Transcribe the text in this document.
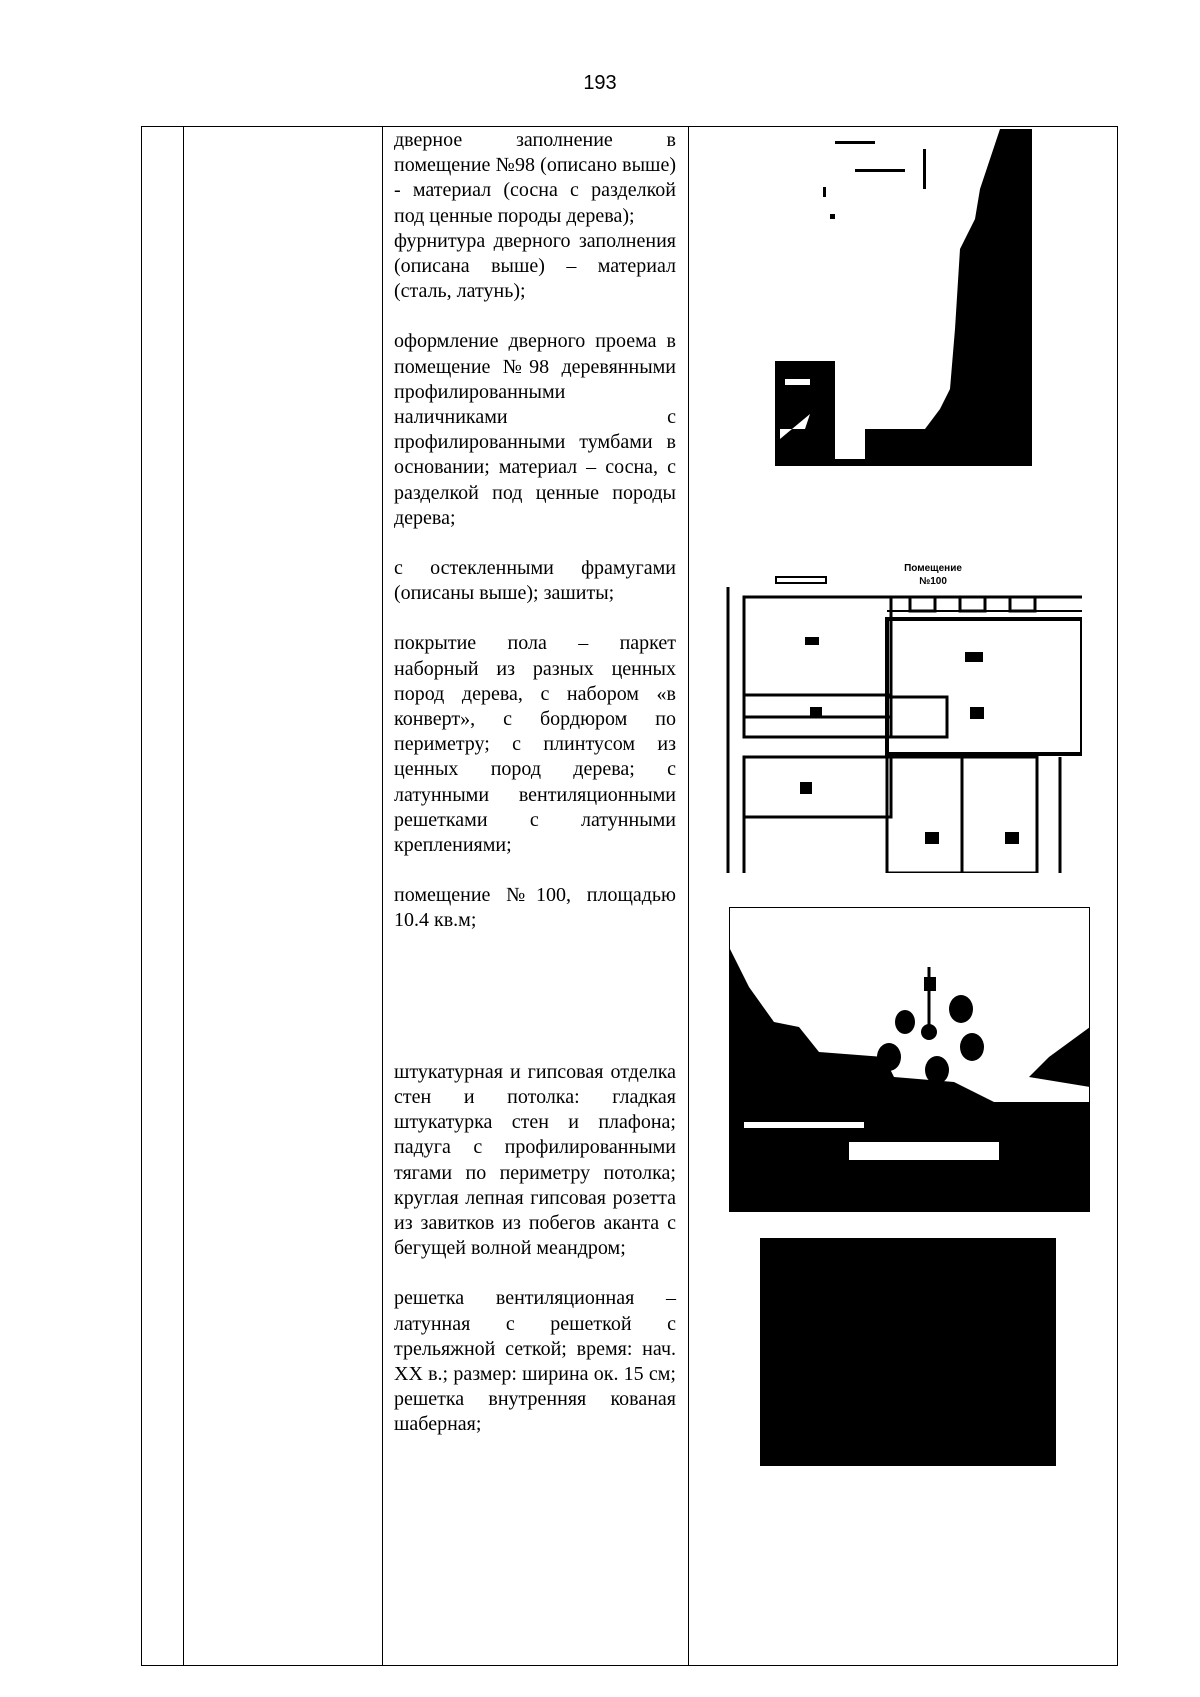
193

дверное заполнение в помещение №98 (описано выше) - материал (сосна с разделкой под ценные породы дерева);
фурнитура дверного заполнения (описана выше) – материал (сталь, латунь);

оформление дверного проема в помещение №98 деревянными профилированными наличниками с профилированными тумбами в основании; материал – сосна, с разделкой под ценные породы дерева;

с остекленными фрамугами (описаны выше); зашиты;

покрытие пола – паркет наборный из разных ценных пород дерева, с набором «в конверт», с бордюром по периметру; с плинтусом из ценных пород дерева; с латунными вентиляционными решетками с латунными креплениями;

помещение №100, площадью 10.4 кв.м;

штукатурная и гипсовая отделка стен и потолка: гладкая штукатурка стен и плафона; падуга с профилированными тягами по периметру потолка; круглая лепная гипсовая розетта из завитков из побегов аканта с бегущей волной меандром;

решетка вентиляционная – латунная с решеткой с трельяжной сеткой; время: нач. XX в.; размер: ширина ок. 15 см; решетка внутренняя кованая шаберная;

Помещение
№100
